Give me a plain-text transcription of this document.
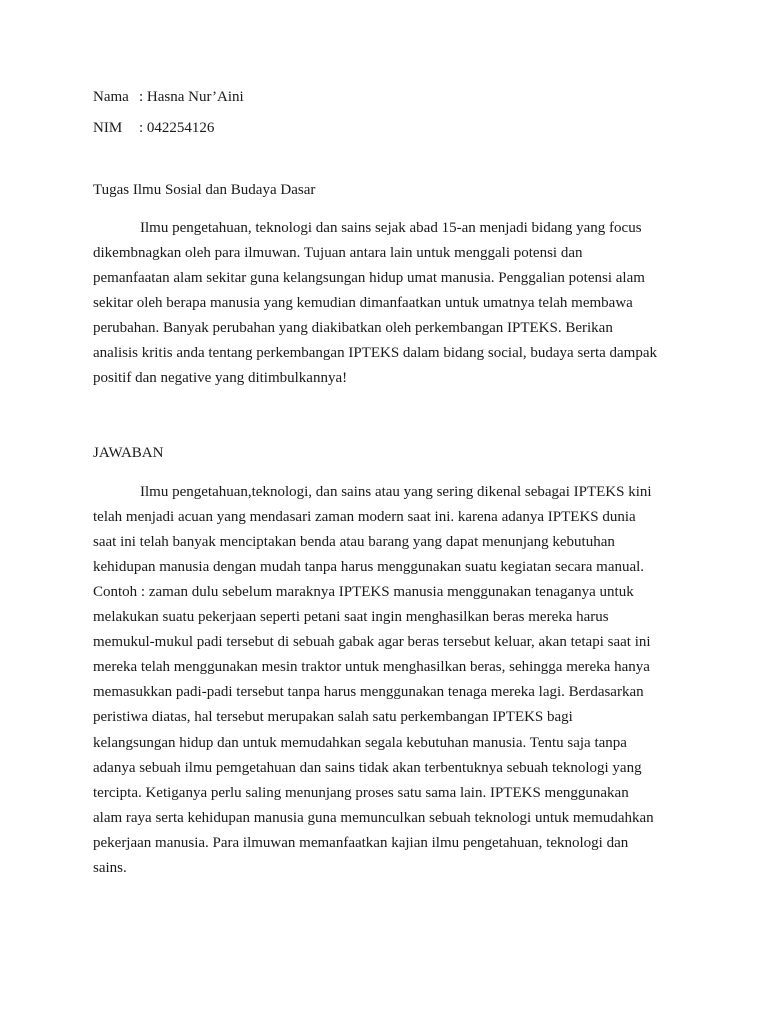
Nama : Hasna Nur’Aini
NIM : 042254126
Tugas Ilmu Sosial dan Budaya Dasar
Ilmu pengetahuan, teknologi dan sains sejak abad 15-an menjadi bidang yang focus
dikembnagkan oleh para ilmuwan. Tujuan antara lain untuk menggali potensi dan
pemanfaatan alam sekitar guna kelangsungan hidup umat manusia. Penggalian potensi alam
sekitar oleh berapa manusia yang kemudian dimanfaatkan untuk umatnya telah membawa
perubahan. Banyak perubahan yang diakibatkan oleh perkembangan IPTEKS. Berikan
analisis kritis anda tentang perkembangan IPTEKS dalam bidang social, budaya serta dampak
positif dan negative yang ditimbulkannya!
JAWABAN
Ilmu pengetahuan,teknologi, dan sains atau yang sering dikenal sebagai IPTEKS kini
telah menjadi acuan yang mendasari zaman modern saat ini. karena adanya IPTEKS dunia
saat ini telah banyak menciptakan benda atau barang yang dapat menunjang kebutuhan
kehidupan manusia dengan mudah tanpa harus menggunakan suatu kegiatan secara manual.
Contoh : zaman dulu sebelum maraknya IPTEKS manusia menggunakan tenaganya untuk
melakukan suatu pekerjaan seperti petani saat ingin menghasilkan beras mereka harus
memukul-mukul padi tersebut di sebuah gabak agar beras tersebut keluar, akan tetapi saat ini
mereka telah menggunakan mesin traktor untuk menghasilkan beras, sehingga mereka hanya
memasukkan padi-padi tersebut tanpa harus menggunakan tenaga mereka lagi. Berdasarkan
peristiwa diatas, hal tersebut merupakan salah satu perkembangan IPTEKS bagi
kelangsungan hidup dan untuk memudahkan segala kebutuhan manusia. Tentu saja tanpa
adanya sebuah ilmu pemgetahuan dan sains tidak akan terbentuknya sebuah teknologi yang
tercipta. Ketiganya perlu saling menunjang proses satu sama lain. IPTEKS menggunakan
alam raya serta kehidupan manusia guna memunculkan sebuah teknologi untuk memudahkan
pekerjaan manusia. Para ilmuwan memanfaatkan kajian ilmu pengetahuan, teknologi dan
sains.
